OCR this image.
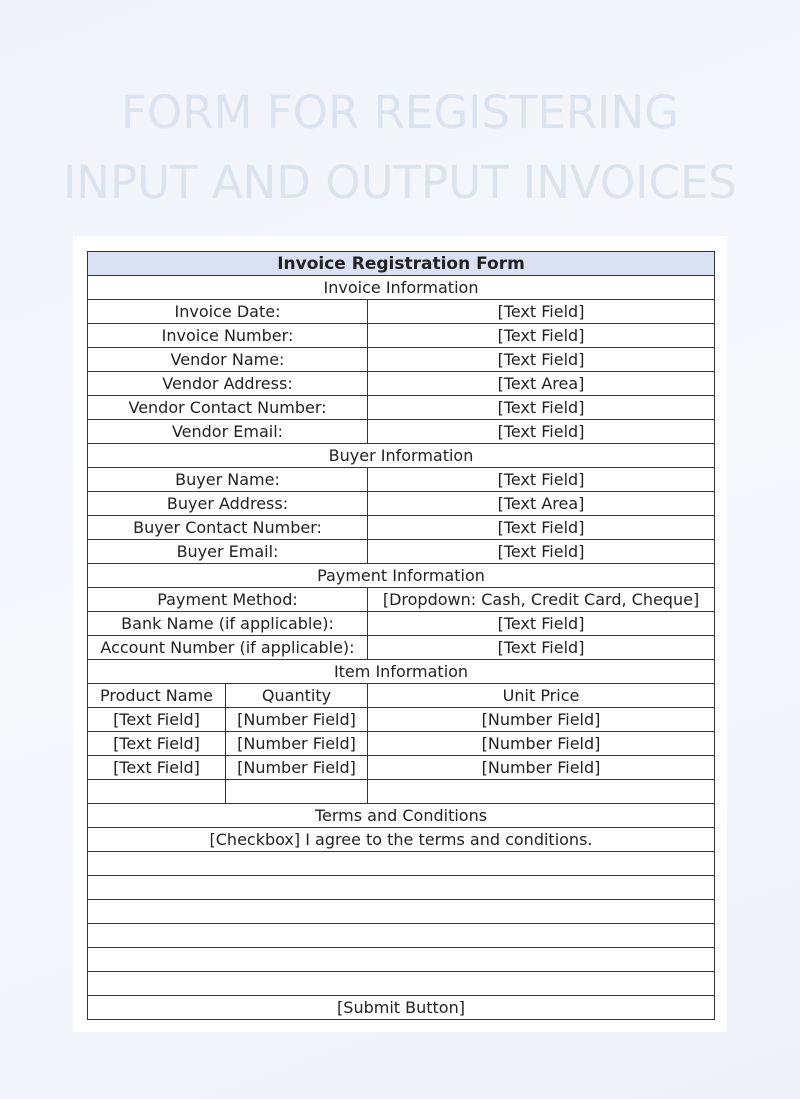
FORM FOR REGISTERING
INPUT AND OUTPUT INVOICES
Invoice Registration Form		
Invoice Information		
Invoice Date:		[Text Field]
Invoice Number:		[Text Field]
Vendor Name:		[Text Field]
Vendor Address:		[Text Area]
Vendor Contact Number:		[Text Field]
Vendor Email:		[Text Field]
Buyer Information		
Buyer Name:		[Text Field]
Buyer Address:		[Text Area]
Buyer Contact Number:		[Text Field]
Buyer Email:		[Text Field]
Payment Information		
Payment Method:		[Dropdown: Cash, Credit Card, Cheque]
Bank Name (if applicable):		[Text Field]
Account Number (if applicable):		[Text Field]
Item Information		
Product Name	Quantity	Unit Price
[Text Field]	[Number Field]	[Number Field]
[Text Field]	[Number Field]	[Number Field]
[Text Field]	[Number Field]	[Number Field]

Terms and Conditions		
[Checkbox] I agree to the terms and conditions.		

[Submit Button]		
